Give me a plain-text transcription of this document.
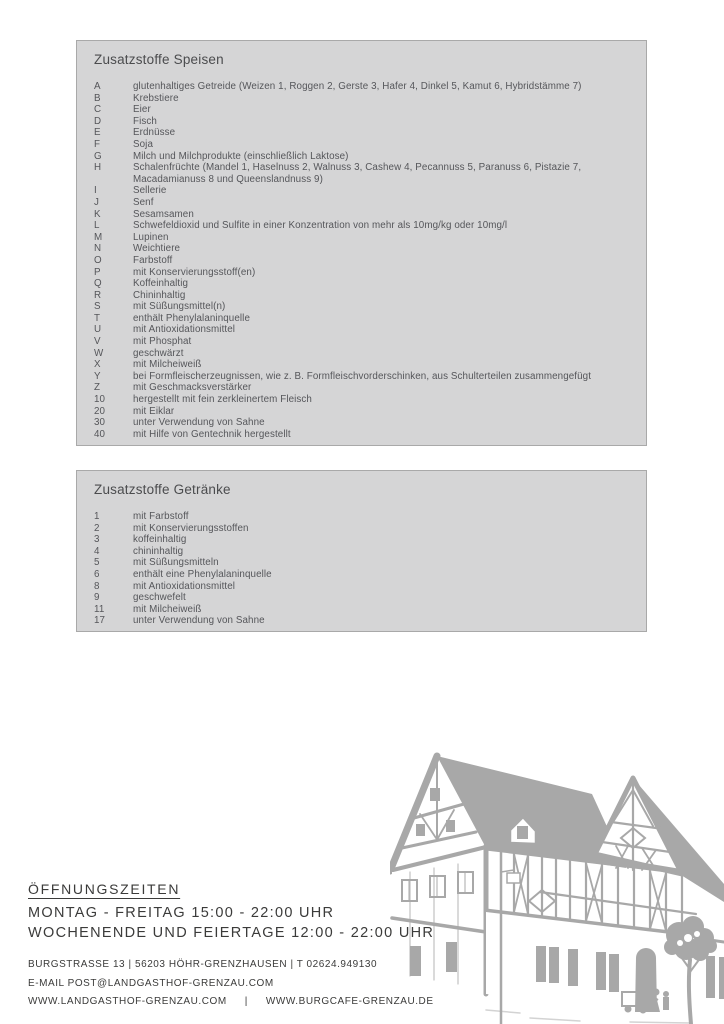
Zusatzstoffe Speisen
A	glutenhaltiges Getreide (Weizen 1, Roggen 2, Gerste 3, Hafer 4, Dinkel 5, Kamut 6, Hybridstämme 7)
B	Krebstiere
C	Eier
D	Fisch
E	Erdnüsse
F	Soja
G	Milch und Milchprodukte (einschließlich Laktose)
H	Schalenfrüchte (Mandel 1, Haselnuss 2, Walnuss 3, Cashew 4, Pecannuss 5, Paranuss 6, Pistazie 7, Macadamianuss 8 und Queenslandnuss 9)
I	Sellerie
J	Senf
K	Sesamsamen
L	Schwefeldioxid und Sulfite in einer Konzentration von mehr als 10mg/kg oder 10mg/l
M	Lupinen
N	Weichtiere
O	Farbstoff
P	mit Konservierungsstoff(en)
Q	Koffeinhaltig
R	Chininhaltig
S	mit Süßungsmittel(n)
T	enthält Phenylalaninquelle
U	mit Antioxidationsmittel
V	mit Phosphat
W	geschwärzt
X	mit Milcheiweiß
Y	bei Formfleischerzeugnissen, wie z. B. Formfleischvorderschinken, aus Schulterteilen zusammengefügt
Z	mit Geschmacksverstärker
10	hergestellt mit fein zerkleinertem Fleisch
20	mit Eiklar
30	unter Verwendung von Sahne
40	mit Hilfe von Gentechnik hergestellt
Zusatzstoffe Getränke
1	mit Farbstoff
2	mit Konservierungsstoffen
3	koffeinhaltig
4	chininhaltig
5	mit Süßungsmitteln
6	enthält eine Phenylalaninquelle
8	mit Antioxidationsmittel
9	geschwefelt
11	mit Milcheiweiß
17	unter Verwendung von Sahne
ÖFFNUNGSZEITEN
MONTAG - FREITAG 15:00 - 22:00 UHR
WOCHENENDE UND FEIERTAGE 12:00 - 22:00 UHR
BURGSTRASSE 13 | 56203 HÖHR-GRENZHAUSEN | T 02624.949130
E-MAIL POST@LANDGASTHOF-GRENZAU.COM
WWW.LANDGASTHOF-GRENZAU.COM | WWW.BURGCAFE-GRENZAU.DE
